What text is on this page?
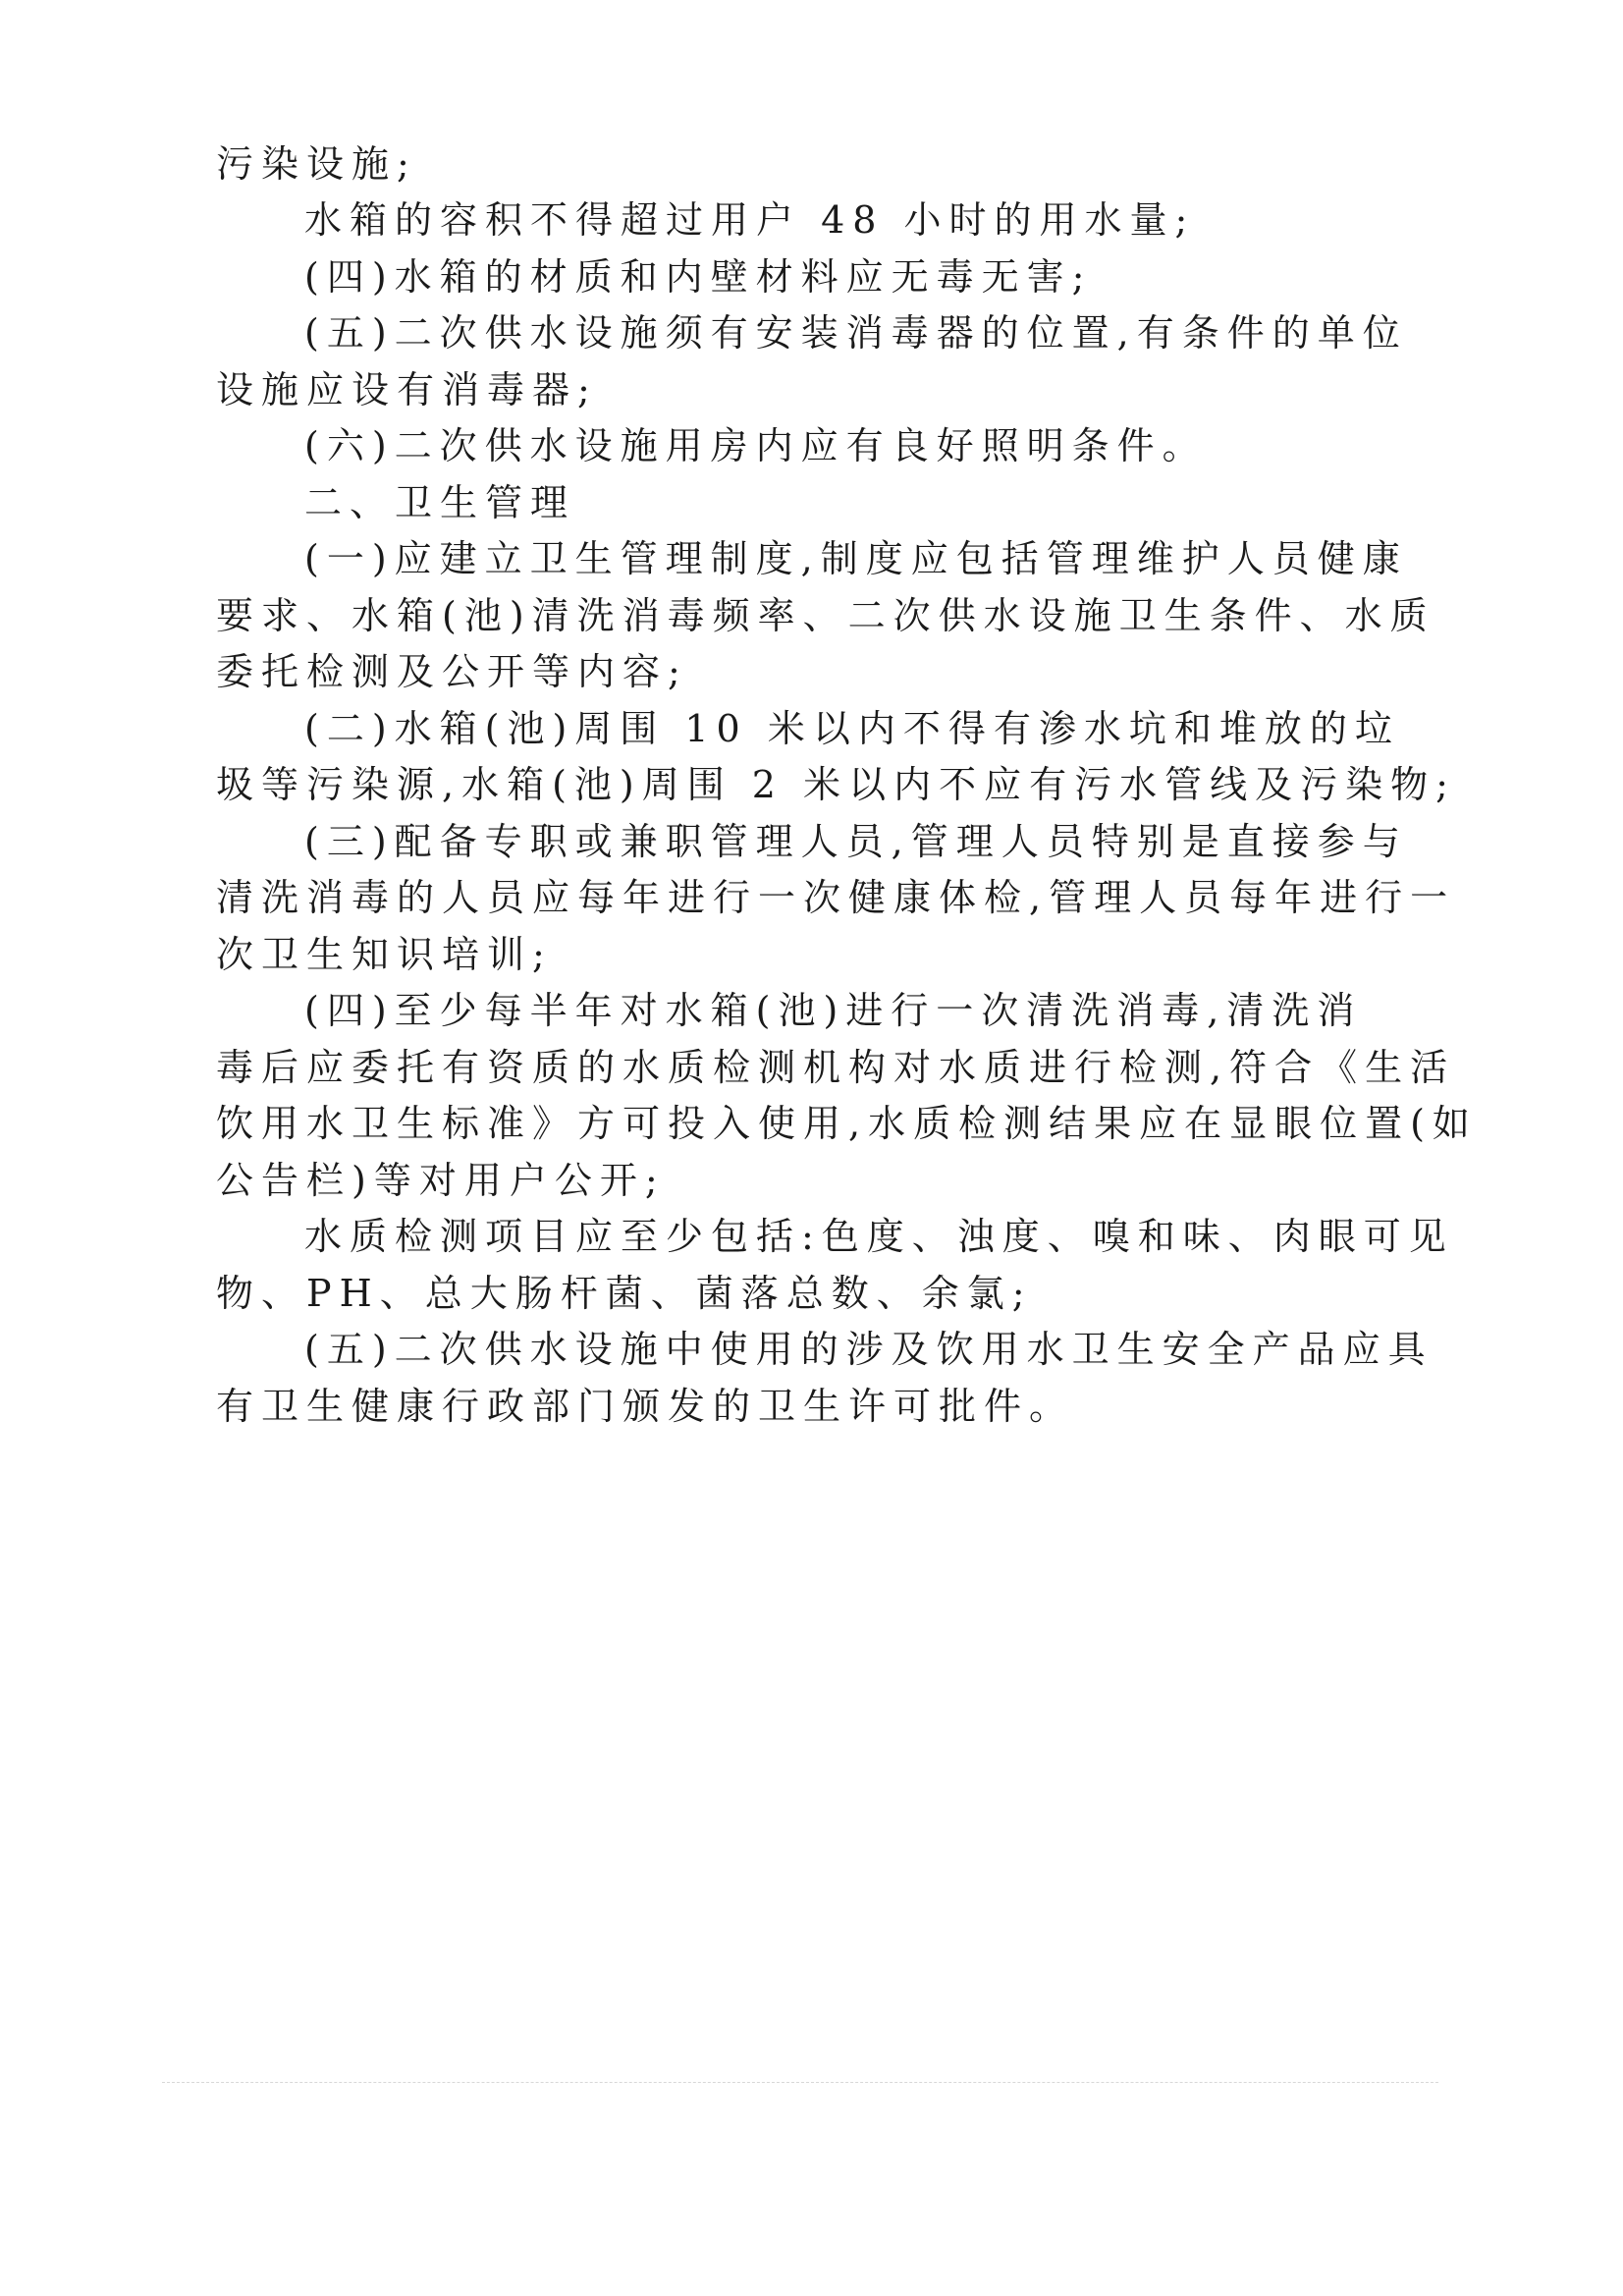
污染设施;
水箱的容积不得超过用户 48 小时的用水量;
(四)水箱的材质和内壁材料应无毒无害;
(五)二次供水设施须有安装消毒器的位置,有条件的单位
设施应设有消毒器;
(六)二次供水设施用房内应有良好照明条件。
二、卫生管理
(一)应建立卫生管理制度,制度应包括管理维护人员健康
要求、水箱(池)清洗消毒频率、二次供水设施卫生条件、水质
委托检测及公开等内容;
(二)水箱(池)周围 10 米以内不得有渗水坑和堆放的垃
圾等污染源,水箱(池)周围 2 米以内不应有污水管线及污染物;
(三)配备专职或兼职管理人员,管理人员特别是直接参与
清洗消毒的人员应每年进行一次健康体检,管理人员每年进行一
次卫生知识培训;
(四)至少每半年对水箱(池)进行一次清洗消毒,清洗消
毒后应委托有资质的水质检测机构对水质进行检测,符合《生活
饮用水卫生标准》方可投入使用,水质检测结果应在显眼位置(如
公告栏)等对用户公开;
水质检测项目应至少包括:色度、浊度、嗅和味、肉眼可见
物、PH、总大肠杆菌、菌落总数、余氯;
(五)二次供水设施中使用的涉及饮用水卫生安全产品应具
有卫生健康行政部门颁发的卫生许可批件。
